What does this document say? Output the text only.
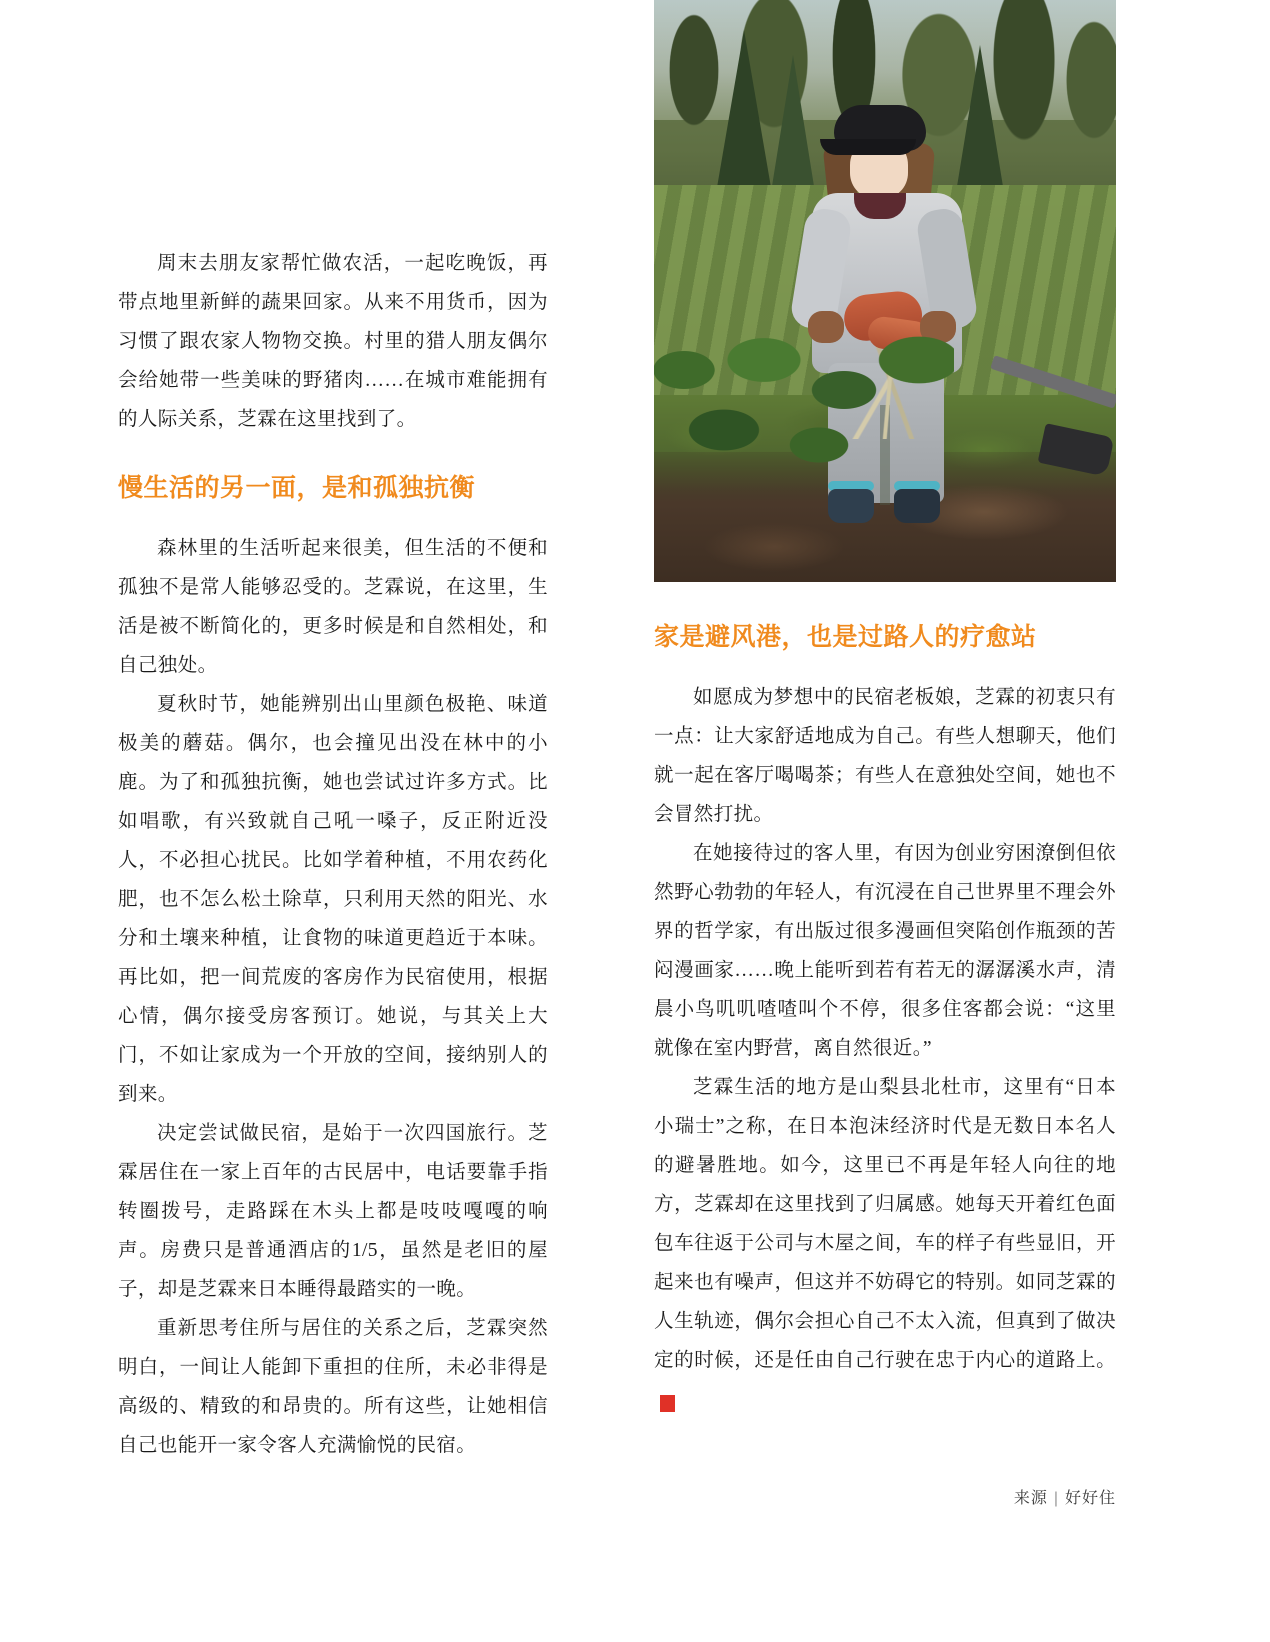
周末去朋友家帮忙做农活，一起吃晚饭，再带点地里新鲜的蔬果回家。从来不用货币，因为习惯了跟农家人物物交换。村里的猎人朋友偶尔会给她带一些美味的野猪肉……在城市难能拥有的人际关系，芝霖在这里找到了。

慢生活的另一面，是和孤独抗衡

森林里的生活听起来很美，但生活的不便和孤独不是常人能够忍受的。芝霖说，在这里，生活是被不断简化的，更多时候是和自然相处，和自己独处。

夏秋时节，她能辨别出山里颜色极艳、味道极美的蘑菇。偶尔，也会撞见出没在林中的小鹿。为了和孤独抗衡，她也尝试过许多方式。比如唱歌，有兴致就自己吼一嗓子，反正附近没人，不必担心扰民。比如学着种植，不用农药化肥，也不怎么松土除草，只利用天然的阳光、水分和土壤来种植，让食物的味道更趋近于本味。再比如，把一间荒废的客房作为民宿使用，根据心情，偶尔接受房客预订。她说，与其关上大门，不如让家成为一个开放的空间，接纳别人的到来。

决定尝试做民宿，是始于一次四国旅行。芝霖居住在一家上百年的古民居中，电话要靠手指转圈拨号，走路踩在木头上都是吱吱嘎嘎的响声。房费只是普通酒店的1/5，虽然是老旧的屋子，却是芝霖来日本睡得最踏实的一晚。

重新思考住所与居住的关系之后，芝霖突然明白，一间让人能卸下重担的住所，未必非得是高级的、精致的和昂贵的。所有这些，让她相信自己也能开一家令客人充满愉悦的民宿。

家是避风港，也是过路人的疗愈站

如愿成为梦想中的民宿老板娘，芝霖的初衷只有一点：让大家舒适地成为自己。有些人想聊天，他们就一起在客厅喝喝茶；有些人在意独处空间，她也不会冒然打扰。

在她接待过的客人里，有因为创业穷困潦倒但依然野心勃勃的年轻人，有沉浸在自己世界里不理会外界的哲学家，有出版过很多漫画但突陷创作瓶颈的苦闷漫画家……晚上能听到若有若无的潺潺溪水声，清晨小鸟叽叽喳喳叫个不停，很多住客都会说：“这里就像在室内野营，离自然很近。”

芝霖生活的地方是山梨县北杜市，这里有“日本小瑞士”之称，在日本泡沫经济时代是无数日本名人的避暑胜地。如今，这里已不再是年轻人向往的地方，芝霖却在这里找到了归属感。她每天开着红色面包车往返于公司与木屋之间，车的样子有些显旧，开起来也有噪声，但这并不妨碍它的特别。如同芝霖的人生轨迹，偶尔会担心自己不太入流，但真到了做决定的时候，还是任由自己行驶在忠于内心的道路上。s

来源 | 好好住
